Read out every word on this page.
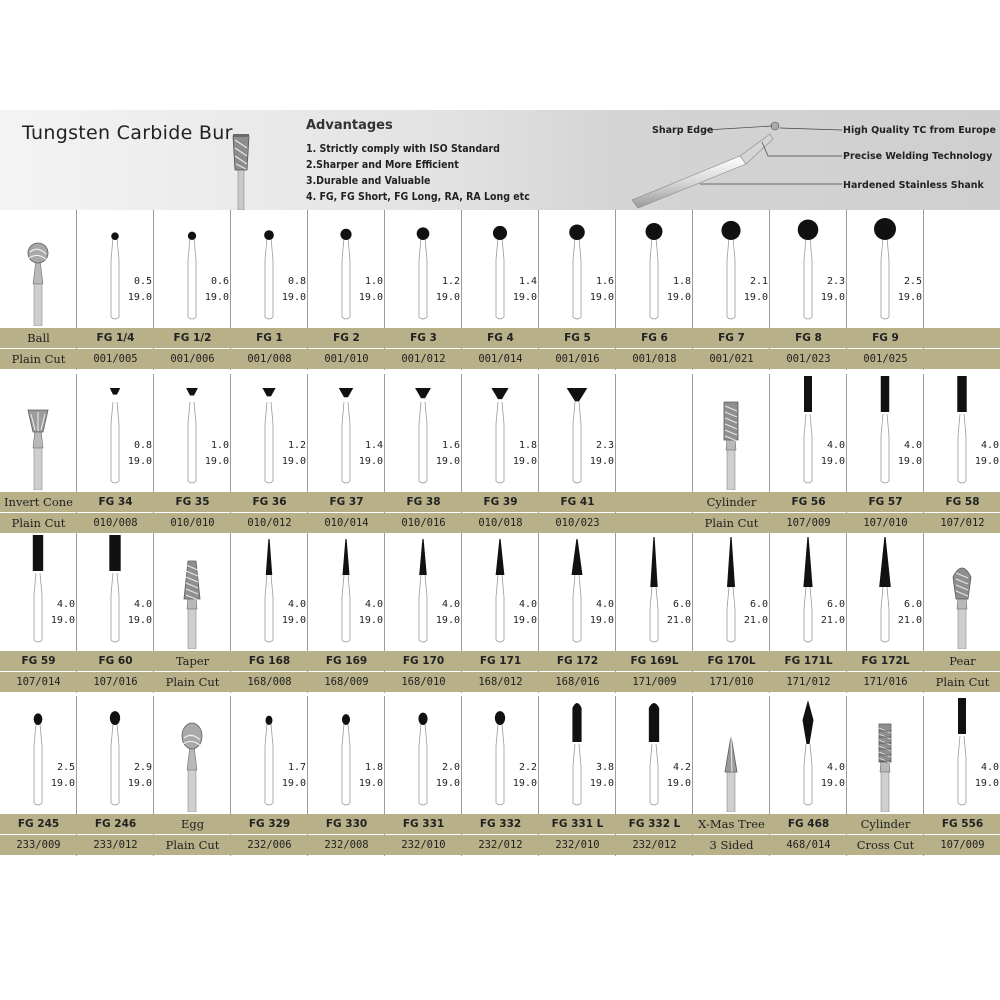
Tungsten Carbide Bur	Advantages
1. Strictly comply with ISO Standard
2.Sharper and More Efficient
3.Durable and Valuable
4. FG, FG Short, FG Long, RA, RA Long etc
Sharp Edge	High Quality TC from Europe
Precise Welding Technology
Hardened Stainless Shank
Ball
Plain Cut
0.5
19.0
FG 1/4
001/005
0.6
19.0
FG 1/2
001/006
0.8
19.0
FG 1
001/008
1.0
19.0
FG 2
001/010
1.2
19.0
FG 3
001/012
1.4
19.0
FG 4
001/014
1.6
19.0
FG 5
001/016
1.8
19.0
FG 6
001/018
2.1
19.0
FG 7
001/021
2.3
19.0
FG 8
001/023
2.5
19.0
FG 9
001/025
Invert Cone
Plain Cut
0.8
19.0
FG 34
010/008
1.0
19.0
FG 35
010/010
1.2
19.0
FG 36
010/012
1.4
19.0
FG 37
010/014
1.6
19.0
FG 38
010/016
1.8
19.0
FG 39
010/018
2.3
19.0
FG 41
010/023
Cylinder
Plain Cut
4.0
19.0
FG 56
107/009
4.0
19.0
FG 57
107/010
4.0
19.0
FG 58
107/012
4.0
19.0
FG 59
107/014
4.0
19.0
FG 60
107/016
Taper
Plain Cut
4.0
19.0
FG 168
168/008
4.0
19.0
FG 169
168/009
4.0
19.0
FG 170
168/010
4.0
19.0
FG 171
168/012
4.0
19.0
FG 172
168/016
6.0
21.0
FG 169L
171/009
6.0
21.0
FG 170L
171/010
6.0
21.0
FG 171L
171/012
6.0
21.0
FG 172L
171/016
Pear
Plain Cut
2.5
19.0
FG 245
233/009
2.9
19.0
FG 246
233/012
Egg
Plain Cut
1.7
19.0
FG 329
232/006
1.8
19.0
FG 330
232/008
2.0
19.0
FG 331
232/010
2.2
19.0
FG 332
232/012
3.8
19.0
FG 331 L
232/010
4.2
19.0
FG 332 L
232/012
X-Mas Tree
3 Sided
4.0
19.0
FG 468
468/014
Cylinder
Cross Cut
4.0
19.0
FG 556
107/009
